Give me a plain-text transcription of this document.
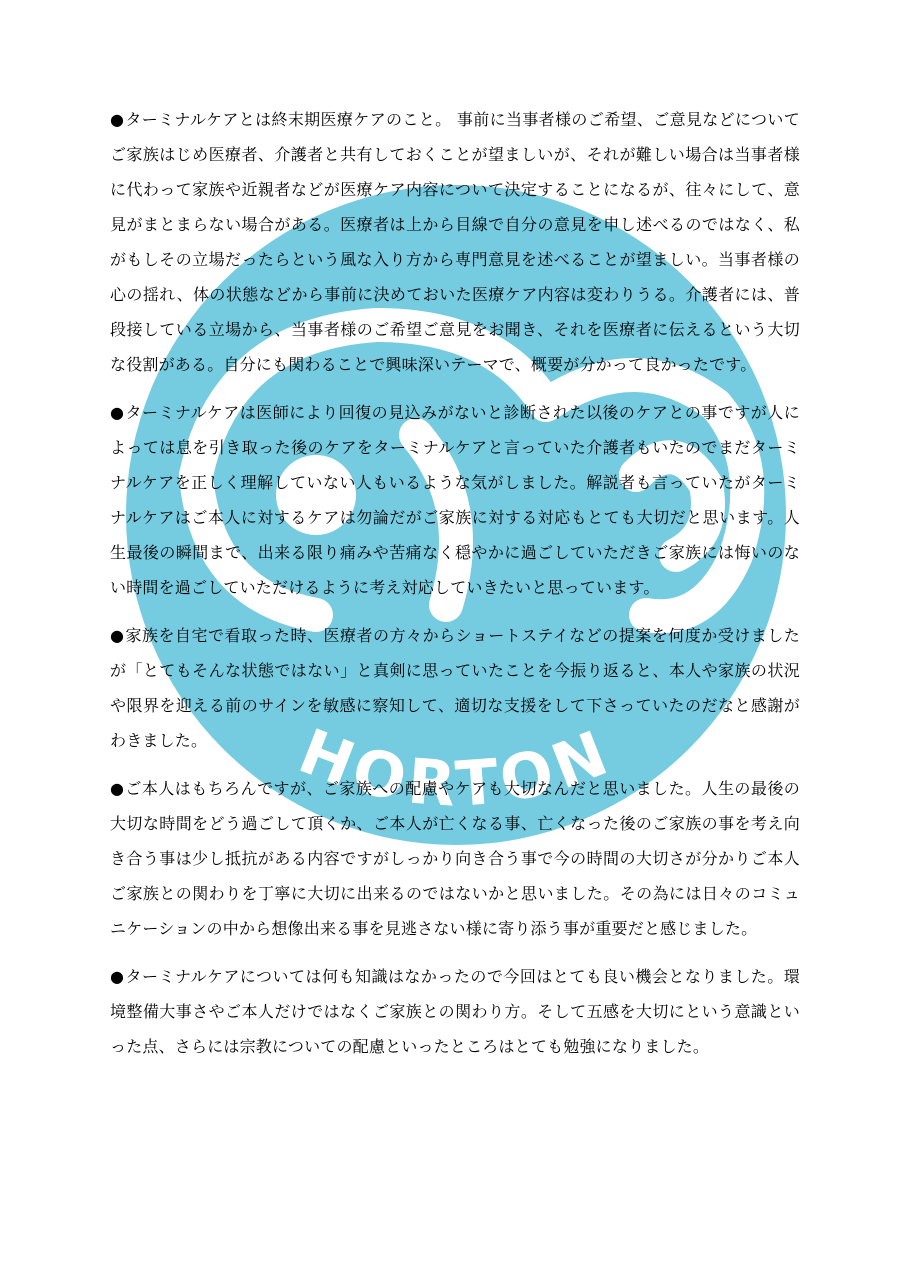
HORTON

●ターミナルケアとは終末期医療ケアのこと。 事前に当事者様のご希望、ご意見などについてご家族はじめ医療者、介護者と共有しておくことが望ましいが、それが難しい場合は当事者様に代わって家族や近親者などが医療ケア内容について決定することになるが、往々にして、意見がまとまらない場合がある。医療者は上から目線で自分の意見を申し述べるのではなく、私がもしその立場だったらという風な入り方から専門意見を述べることが望ましい。当事者様の心の揺れ、体の状態などから事前に決めておいた医療ケア内容は変わりうる。介護者には、普段接している立場から、当事者様のご希望ご意見をお聞き、それを医療者に伝えるという大切な役割がある。自分にも関わることで興味深いテーマで、概要が分かって良かったです。

●ターミナルケアは医師により回復の見込みがないと診断された以後のケアとの事ですが人によっては息を引き取った後のケアをターミナルケアと言っていた介護者もいたのでまだターミナルケアを正しく理解していない人もいるような気がしました。解説者も言っていたがターミナルケアはご本人に対するケアは勿論だがご家族に対する対応もとても大切だと思います。人生最後の瞬間まで、出来る限り痛みや苦痛なく穏やかに過ごしていただきご家族には悔いのない時間を過ごしていただけるように考え対応していきたいと思っています。

●家族を自宅で看取った時、医療者の方々からショートステイなどの提案を何度か受けましたが「とてもそんな状態ではない」と真剣に思っていたことを今振り返ると、本人や家族の状況や限界を迎える前のサインを敏感に察知して、適切な支援をして下さっていたのだなと感謝がわきました。

●ご本人はもちろんですが、ご家族への配慮やケアも大切なんだと思いました。人生の最後の大切な時間をどう過ごして頂くか、ご本人が亡くなる事、亡くなった後のご家族の事を考え向き合う事は少し抵抗がある内容ですがしっかり向き合う事で今の時間の大切さが分かりご本人ご家族との関わりを丁寧に大切に出来るのではないかと思いました。その為には日々のコミュニケーションの中から想像出来る事を見逃さない様に寄り添う事が重要だと感じました。

●ターミナルケアについては何も知識はなかったので今回はとても良い機会となりました。環境整備大事さやご本人だけではなくご家族との関わり方。そして五感を大切にという意識といった点、さらには宗教についての配慮といったところはとても勉強になりました。
